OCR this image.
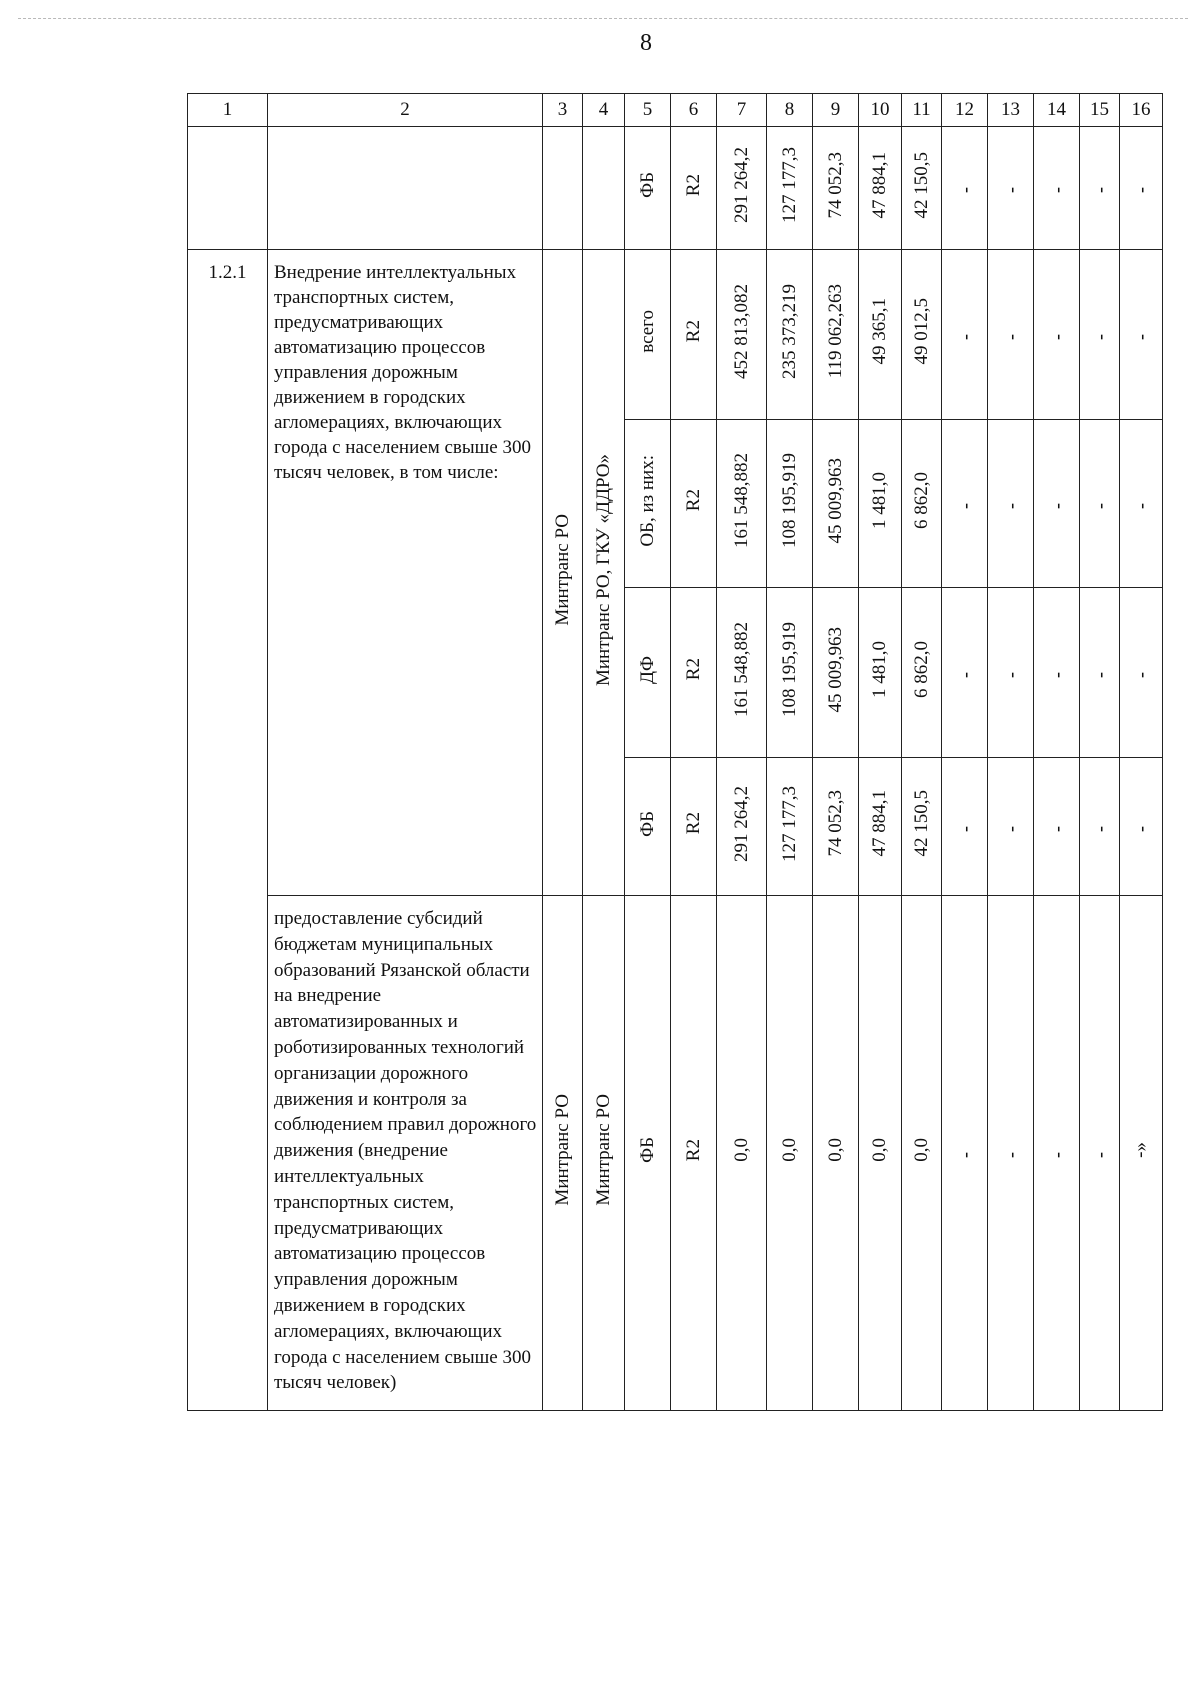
8
1	2	3	4	5	6	7	8	9	10	11	12	13	14	15	16
				ФБ	R2	291 264,2	127 177,3	74 052,3	47 884,1	42 150,5	-	-	-	-	-
1.2.1	Внедрение интеллектуальных транспортных систем, предусматривающих автоматизацию процессов управления дорожным движением в городских агломерациях, включающих города с населением свыше 300 тысяч человек, в том числе:	Минтранс РО	Минтранс РО, ГКУ «ДДРО»	всего	R2	452 813,082	235 373,219	119 062,263	49 365,1	49 012,5	-	-	-	-	-
				ОБ, из них:	R2	161 548,882	108 195,919	45 009,963	1 481,0	6 862,0	-	-	-	-	-
				ДФ	R2	161 548,882	108 195,919	45 009,963	1 481,0	6 862,0	-	-	-	-	-
				ФБ	R2	291 264,2	127 177,3	74 052,3	47 884,1	42 150,5	-	-	-	-	-
	предоставление субсидий бюджетам муниципальных образований Рязанской области на внедрение автоматизированных и роботизированных технологий организации дорожного движения и контроля за соблюдением правил дорожного движения (внедрение интеллектуальных транспортных систем, предусматривающих автоматизацию процессов управления дорожным движением в городских агломерациях, включающих города с населением свыше 300 тысяч человек)	Минтранс РО	Минтранс РО	ФБ	R2	0,0	0,0	0,0	0,0	0,0	-	-	-	-	-»
